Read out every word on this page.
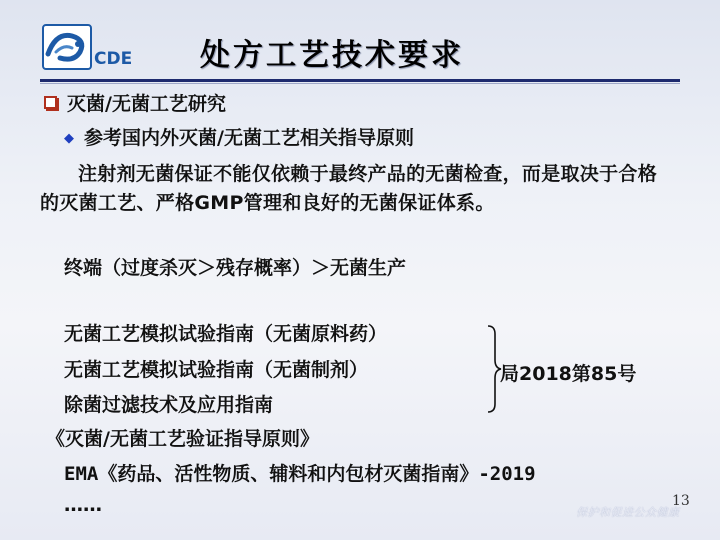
CDE 处方工艺技术要求
灭菌/无菌工艺研究
◆ 参考国内外灭菌/无菌工艺相关指导原则
注射剂无菌保证不能仅依赖于最终产品的无菌检查，而是取决于合格的灭菌工艺、严格GMP管理和良好的无菌保证体系。
终端（过度杀灭＞残存概率）＞无菌生产
无菌工艺模拟试验指南（无菌原料药）
无菌工艺模拟试验指南（无菌制剂）
除菌过滤技术及应用指南
局2018第85号
《灭菌/无菌工艺验证指导原则》
EMA《药品、活性物质、辅料和内包材灭菌指南》-2019
……	保护和促进公众健康
13
